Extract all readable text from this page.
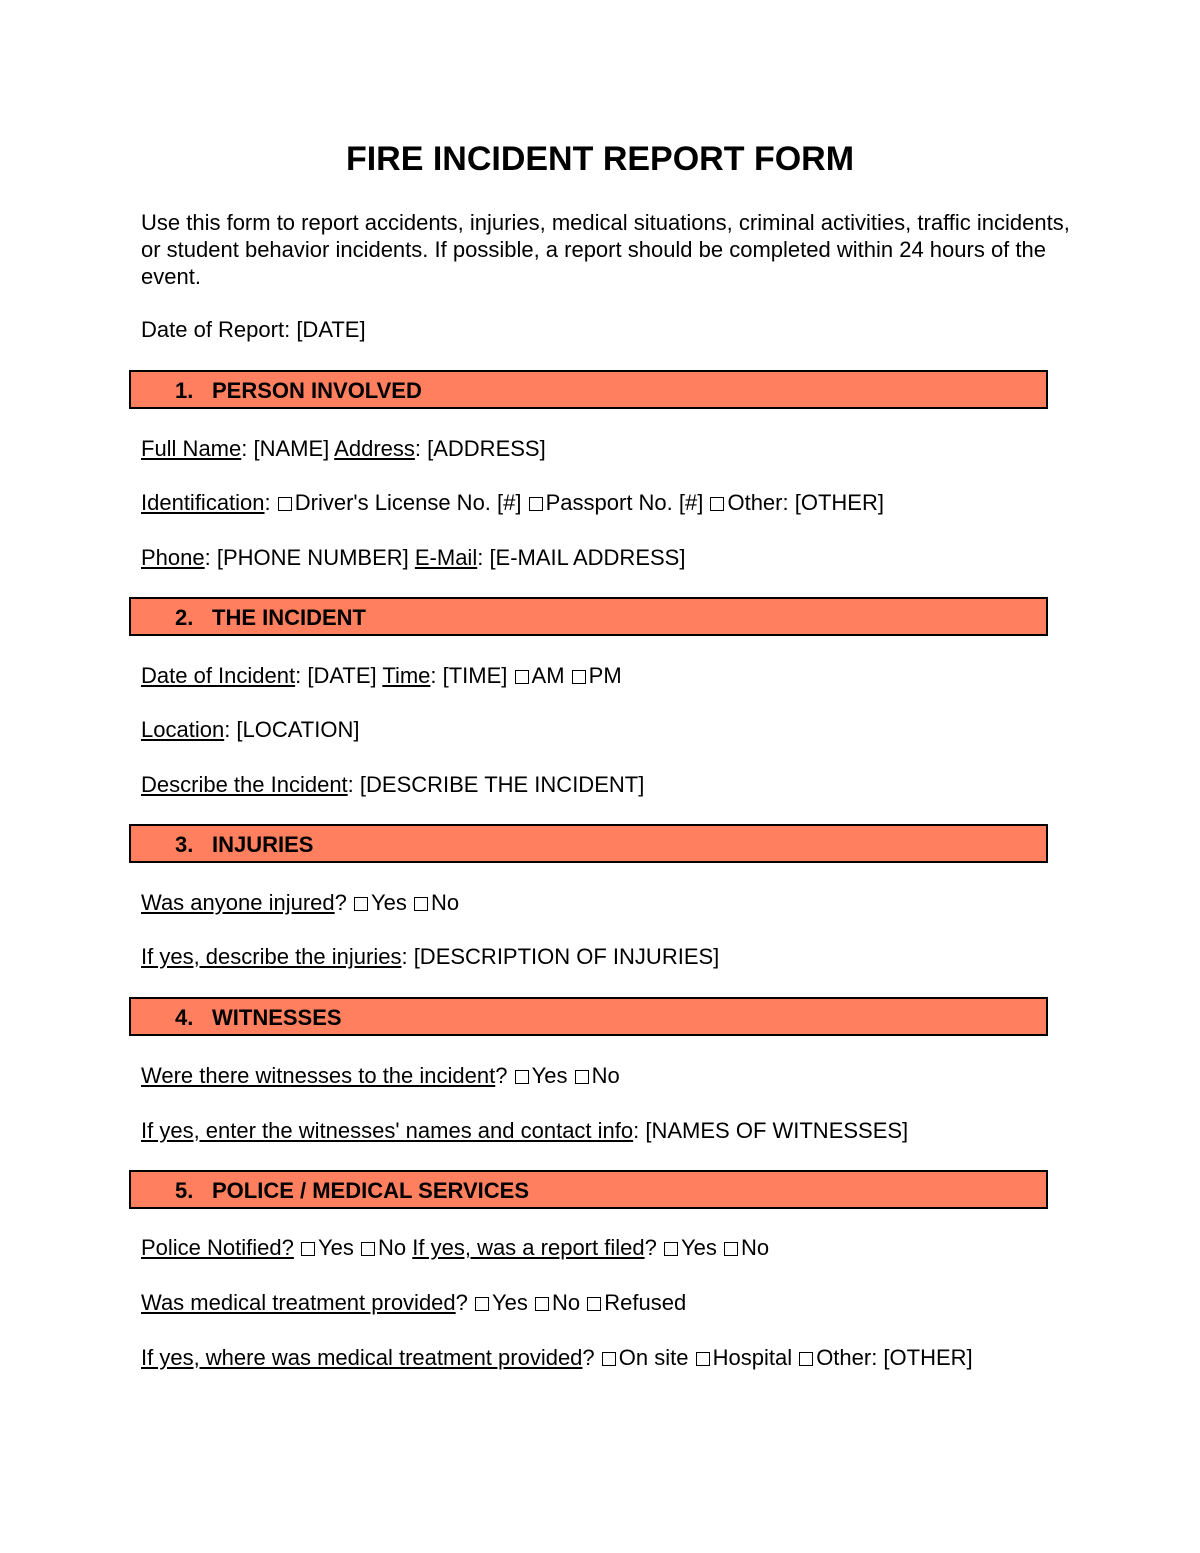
FIRE INCIDENT REPORT FORM
Use this form to report accidents, injuries, medical situations, criminal activities, traffic incidents, or student behavior incidents. If possible, a report should be completed within 24 hours of the event.
Date of Report: [DATE]
1. PERSON INVOLVED
Full Name: [NAME] Address: [ADDRESS]
Identification: Driver's License No. [#] Passport No. [#] Other: [OTHER]
Phone: [PHONE NUMBER] E-Mail: [E-MAIL ADDRESS]
2. THE INCIDENT
Date of Incident: [DATE] Time: [TIME] AM PM
Location: [LOCATION]
Describe the Incident: [DESCRIBE THE INCIDENT]
3. INJURIES
Was anyone injured? Yes No
If yes, describe the injuries: [DESCRIPTION OF INJURIES]
4. WITNESSES
Were there witnesses to the incident? Yes No
If yes, enter the witnesses' names and contact info: [NAMES OF WITNESSES]
5. POLICE / MEDICAL SERVICES
Police Notified? Yes No If yes, was a report filed? Yes No
Was medical treatment provided? Yes No Refused
If yes, where was medical treatment provided? On site Hospital Other: [OTHER]
